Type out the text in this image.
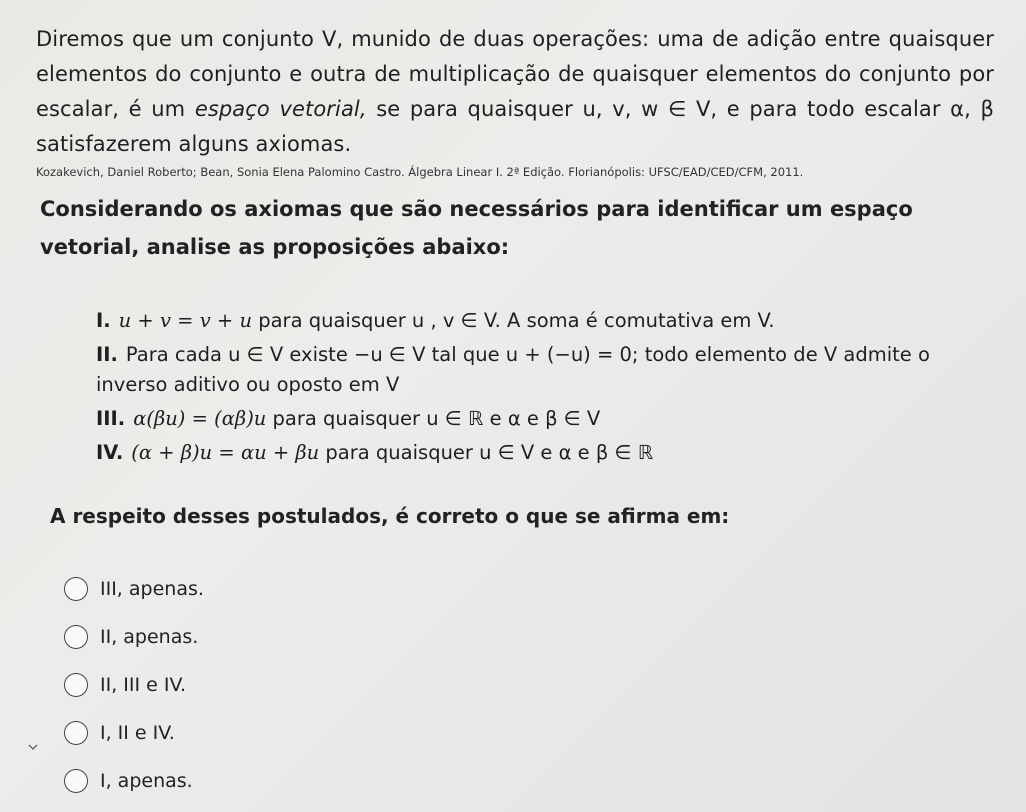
Diremos que um conjunto V, munido de duas operações: uma de adição entre quaisquer elementos do conjunto e outra de multiplicação de quaisquer elementos do conjunto por escalar, é um espaço vetorial, se para quaisquer u, v, w ∈ V, e para todo escalar α, β satisfazerem alguns axiomas.
Kozakevich, Daniel Roberto; Bean, Sonia Elena Palomino Castro. Álgebra Linear I. 2ª Edição. Florianópolis: UFSC/EAD/CED/CFM, 2011.
Considerando os axiomas que são necessários para identificar um espaço vetorial, analise as proposições abaixo:
I. u + v = v + u para quaisquer u , v ∈ V. A soma é comutativa em V.
II. Para cada u ∈ V existe −u ∈ V tal que u + (−u) = 0; todo elemento de V admite o inverso aditivo ou oposto em V
III. α(βu) = (αβ)u para quaisquer u ∈ ℝ e α e β ∈ V
IV. (α + β)u = αu + βu para quaisquer u ∈ V e α e β ∈ ℝ
A respeito desses postulados, é correto o que se afirma em:
III, apenas.
II, apenas.
II, III e IV.
I, II e IV.
I, apenas.
